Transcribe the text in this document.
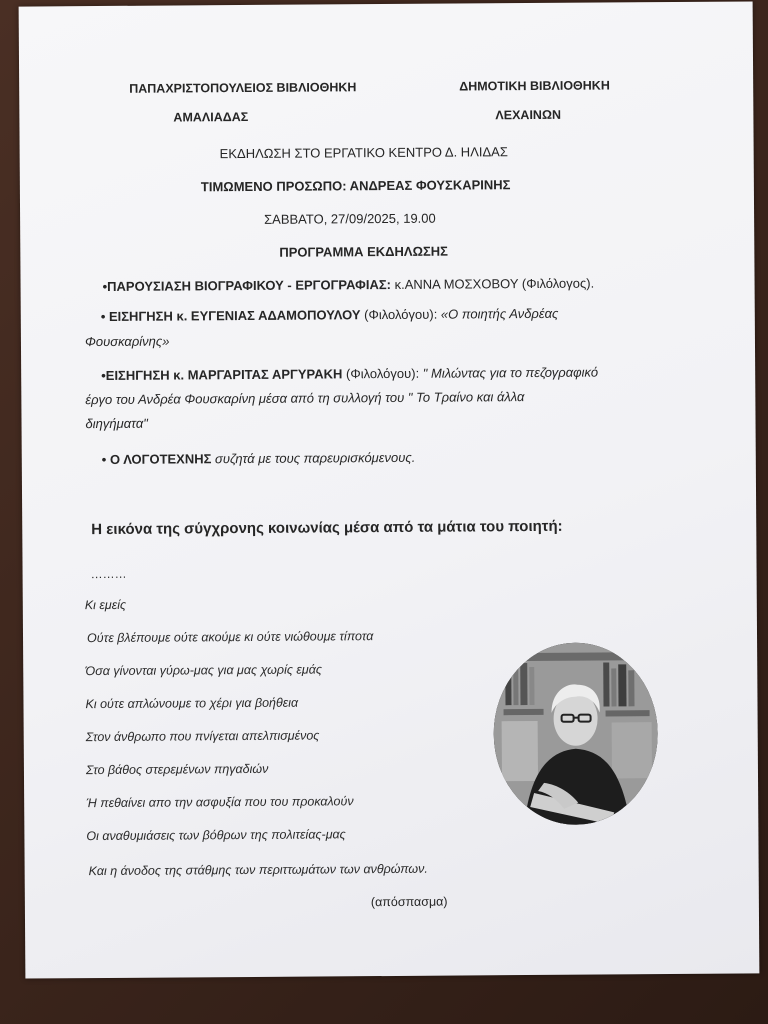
ΠΑΠΑΧΡΙΣΤΟΠΟΥΛΕΙΟΣ ΒΙΒΛΙΟΘΗΚΗ	ΔΗΜΟΤΙΚΗ ΒΙΒΛΙΟΘΗΚΗ
ΑΜΑΛΙΑΔΑΣ	ΛΕΧΑΙΝΩΝ
ΕΚΔΗΛΩΣΗ ΣΤΟ ΕΡΓΑΤΙΚΟ ΚΕΝΤΡΟ Δ. ΗΛΙΔΑΣ
ΤΙΜΩΜΕΝΟ ΠΡΟΣΩΠΟ: ΑΝΔΡΕΑΣ ΦΟΥΣΚΑΡΙΝΗΣ
ΣΑΒΒΑΤΟ, 27/09/2025, 19.00
ΠΡΟΓΡΑΜΜΑ ΕΚΔΗΛΩΣΗΣ
•ΠΑΡΟΥΣΙΑΣΗ ΒΙΟΓΡΑΦΙΚΟΥ - ΕΡΓΟΓΡΑΦΙΑΣ: κ.ΑΝΝΑ ΜΟΣΧΟΒΟΥ (Φιλόλογος).
• ΕΙΣΗΓΗΣΗ κ. ΕΥΓΕΝΙΑΣ ΑΔΑΜΟΠΟΥΛΟΥ (Φιλολόγου): «Ο ποιητής Ανδρέας
Φουσκαρίνης»
•ΕΙΣΗΓΗΣΗ κ. ΜΑΡΓΑΡΙΤΑΣ ΑΡΓΥΡΑΚΗ (Φιλολόγου): " Μιλώντας για το πεζογραφικό
έργο του Ανδρέα Φουσκαρίνη μέσα από τη συλλογή του " Το Τραίνο και άλλα
διηγήματα"
• Ο ΛΟΓΟΤΕΧΝΗΣ συζητά με τους παρευρισκόμενους.
Η εικόνα της σύγχρονης κοινωνίας μέσα από τα μάτια του ποιητή:
………
Κι εμείς
Ούτε βλέπουμε ούτε ακούμε κι ούτε νιώθουμε τίποτα
Όσα γίνονται γύρω-μας για μας χωρίς εμάς
Κι ούτε απλώνουμε το χέρι για βοήθεια
Στον άνθρωπο που πνίγεται απελπισμένος
Στο βάθος στερεμένων πηγαδιών
Ή πεθαίνει απο την ασφυξία που του προκαλούν
Οι αναθυμιάσεις των βόθρων της πολιτείας-μας
Και η άνοδος της στάθμης των περιττωμάτων των ανθρώπων.
(απόσπασμα)
